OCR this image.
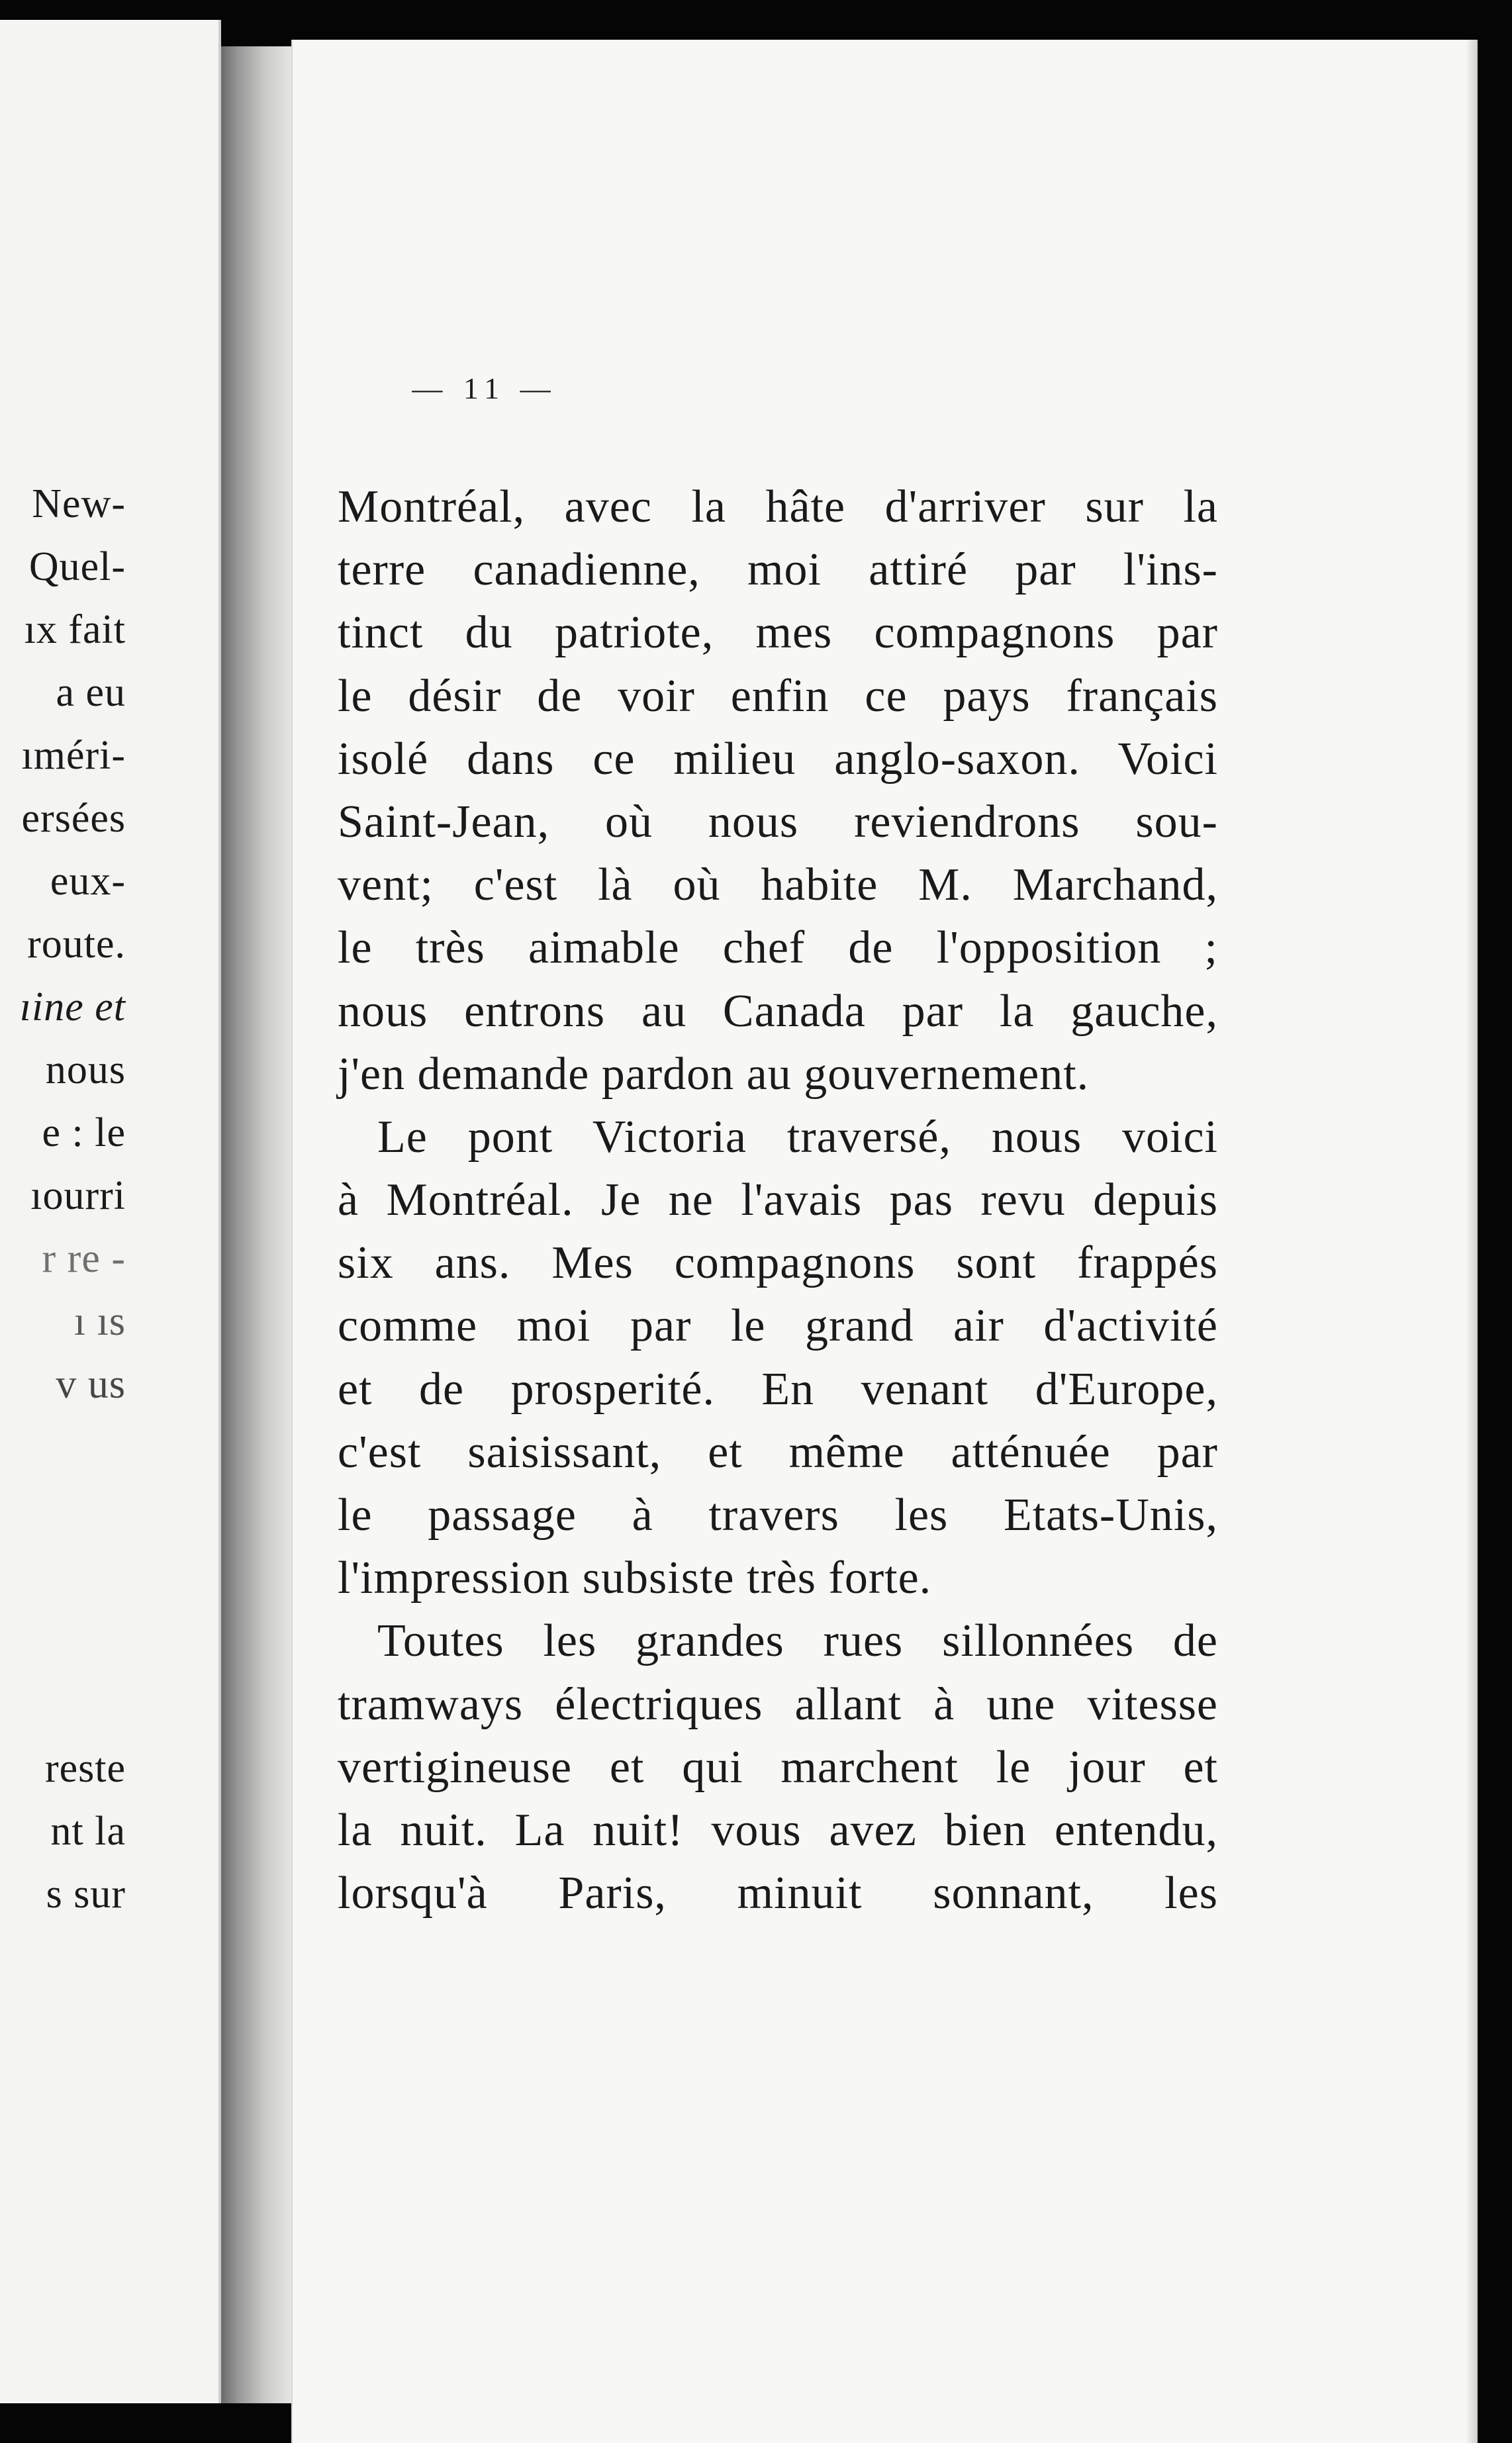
New-
Quel-
ıx fait
a eu
ıméri-
ersées
eux-
route.
ıine et
nous
e : le
ıourri
r re -
ı ıs
v us
reste
nt la
s sur
— 11 —
Montréal, avec la hâte d'arriver sur la
terre canadienne, moi attiré par l'ins-
tinct du patriote, mes compagnons par
le désir de voir enfin ce pays français
isolé dans ce milieu anglo-saxon. Voici
Saint-Jean, où nous reviendrons sou-
vent; c'est là où habite M. Marchand,
le très aimable chef de l'opposition ;
nous entrons au Canada par la gauche,
j'en demande pardon au gouvernement.
Le pont Victoria traversé, nous voici
à Montréal. Je ne l'avais pas revu depuis
six ans. Mes compagnons sont frappés
comme moi par le grand air d'activité
et de prosperité. En venant d'Europe,
c'est saisissant, et même atténuée par
le passage à travers les Etats-Unis,
l'impression subsiste très forte.
Toutes les grandes rues sillonnées de
tramways électriques allant à une vitesse
vertigineuse et qui marchent le jour et
la nuit. La nuit! vous avez bien entendu,
lorsqu'à Paris, minuit sonnant, les
